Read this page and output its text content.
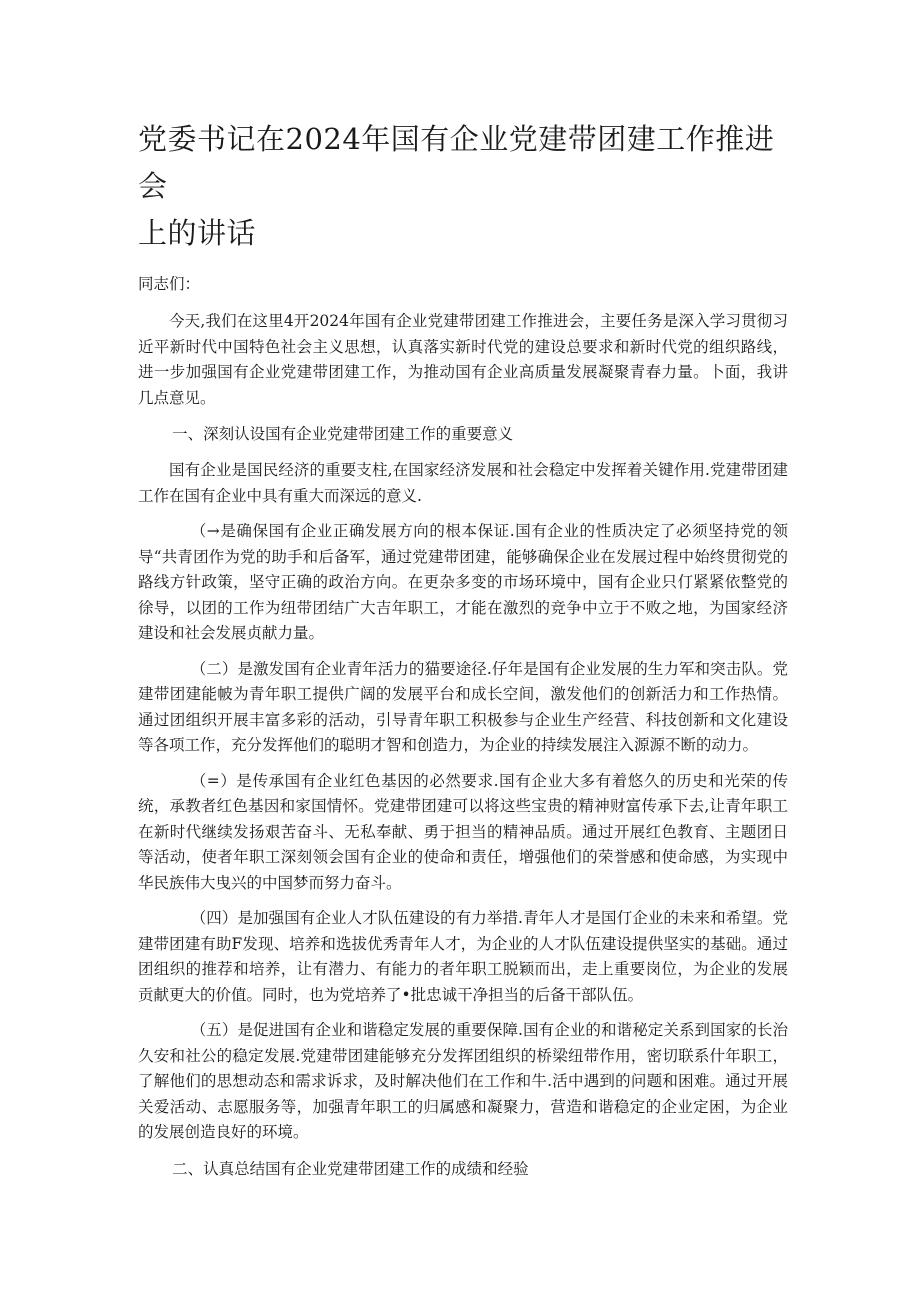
党委书记在2024年国有企业党建带团建工作推进会
上的讲话

同志们：

今天,我们在这里4开2024年国有企业党建带团建工作推进会，主要任务是深入学习贯彻习近平新时代中国特色社会主义思想，认真落实新时代党的建设总要求和新时代党的组织路线，进一步加强国有企业党建带团建工作，为推动国有企业高质量发展凝聚青春力量。卜面，我讲几点意见。

一、深刻认设国有企业党建带团建工作的重要意义

国有企业是国民经济的重要支柱,在国家经济发展和社会稳定中发挥着关键作用.党建带团建工作在国有企业中具有重大而深远的意义.

（→是确保国有企业正确发展方向的根本保证.国有企业的性质决定了必须坚持党的领导“共青团作为党的助手和后备军，通过党建带团建，能够确保企业在发展过程中始终贯彻党的路线方针政策，坚守正确的政治方向。在更杂多变的市场环境中，国有企业只仃紧紧依整党的徐导，以团的工作为纽带团结广大吉年职工，才能在激烈的竞争中立于不败之地，为国家经济建设和社会发展贞献力量。

（二）是激发国有企业青年活力的猫要途径.仔年是国有企业发展的生力军和突击队。党建带团建能帔为青年职工提供广阔的发展平台和成长空间，激发他们的创新活力和工作热情。通过团组织开展丰富多彩的活动，引导青年职工积极参与企业生产经营、科技创新和文化建设等各项工作，充分发挥他们的聪明才智和创造力，为企业的持续发展注入源源不断的动力。

（=）是传承国有企业红色基因的必然要求.国有企业大多有着悠久的历史和光荣的传统，承教者红色基因和家国情怀。党建带团建可以将这些宝贵的精神财富传承下去,让青年职工在新时代继续发扬艰苦奋斗、无私奉献、勇于担当的精神品质。通过开展红色教育、主题团日等活动，使者年职工深刻领会国有企业的使命和责任，增强他们的荣誉感和使命感，为实现中华民族伟大曳兴的中国梦而努力奋斗。

（四）是加强国有企业人才队伍建设的有力举措.青年人才是国仃企业的未来和希望。党建带团建有助F发现、培养和选拔优秀青年人才，为企业的人才队伍建设提供坚实的基础。通过团组织的推荐和培养，让有潜力、有能力的者年职工脱颖而出，走上重要岗位，为企业的发展贡献更大的价值。同时，也为党培养了•批忠诚干净担当的后备干部队伍。

（五）是促进国有企业和谐稳定发展的重要保障.国有企业的和谐秘定关系到国家的长治久安和社公的稳定发展.党建带团建能够充分发挥团组织的桥梁纽带作用，密切联系什年职工，了解他们的思想动态和需求诉求，及时解决他们在工作和牛.活中遇到的问题和困难。通过开展关爱活动、志愿服务等，加强青年职工的归属感和凝聚力，营造和谐稳定的企业定困，为企业的发展创造良好的环境。

二、认真总结国有企业党建带团建工作的成绩和经验
